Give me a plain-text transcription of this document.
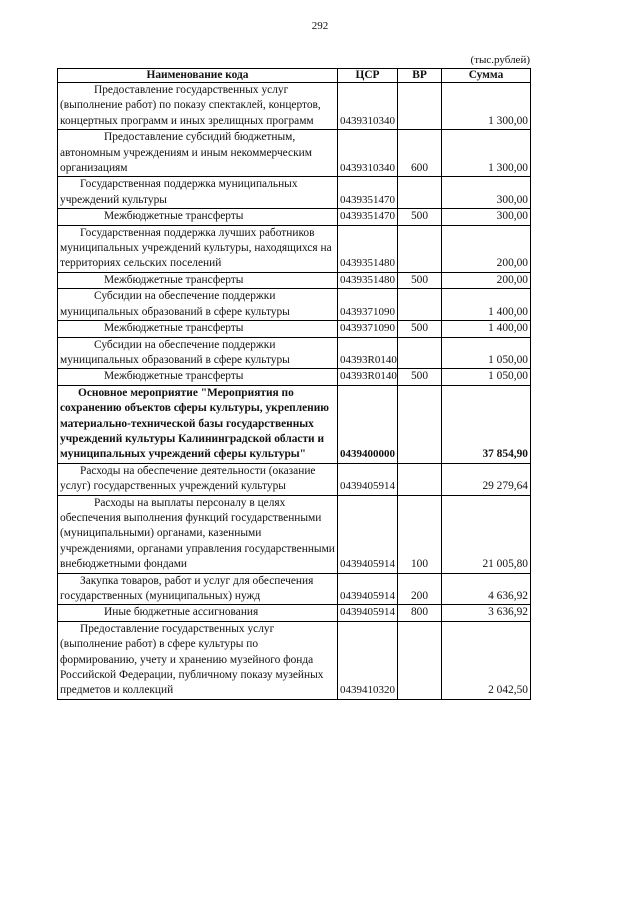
292
(тыс.рублей)
Наименование кода	ЦСР	ВР	Сумма
Предоставление государственных услуг (выполнение работ) по показу спектаклей, концертов, концертных программ и иных зрелищных программ	0439310340		1 300,00
Предоставление субсидий бюджетным, автономным учреждениям и иным некоммерческим организациям	0439310340	600	1 300,00
Государственная поддержка муниципальных учреждений культуры	0439351470		300,00
Межбюджетные трансферты	0439351470	500	300,00
Государственная поддержка лучших работников муниципальных учреждений культуры, находящихся на территориях сельских поселений	0439351480		200,00
Межбюджетные трансферты	0439351480	500	200,00
Субсидии на обеспечение поддержки муниципальных образований в сфере культуры	0439371090		1 400,00
Межбюджетные трансферты	0439371090	500	1 400,00
Субсидии на обеспечение поддержки муниципальных образований в сфере культуры	04393R0140		1 050,00
Межбюджетные трансферты	04393R0140	500	1 050,00
Основное мероприятие "Мероприятия по сохранению объектов сферы культуры, укреплению материально-технической базы государственных учреждений культуры Калининградской области и муниципальных учреждений сферы культуры"	0439400000		37 854,90
Расходы на обеспечение деятельности (оказание услуг) государственных учреждений культуры	0439405914		29 279,64
Расходы на выплаты персоналу в целях обеспечения выполнения функций государственными (муниципальными) органами, казенными учреждениями, органами управления государственными внебюджетными фондами	0439405914	100	21 005,80
Закупка товаров, работ и услуг для обеспечения государственных (муниципальных) нужд	0439405914	200	4 636,92
Иные бюджетные ассигнования	0439405914	800	3 636,92
Предоставление государственных услуг (выполнение работ) в сфере культуры по формированию, учету и хранению музейного фонда Российской Федерации, публичному показу музейных предметов и коллекций	0439410320		2 042,50
